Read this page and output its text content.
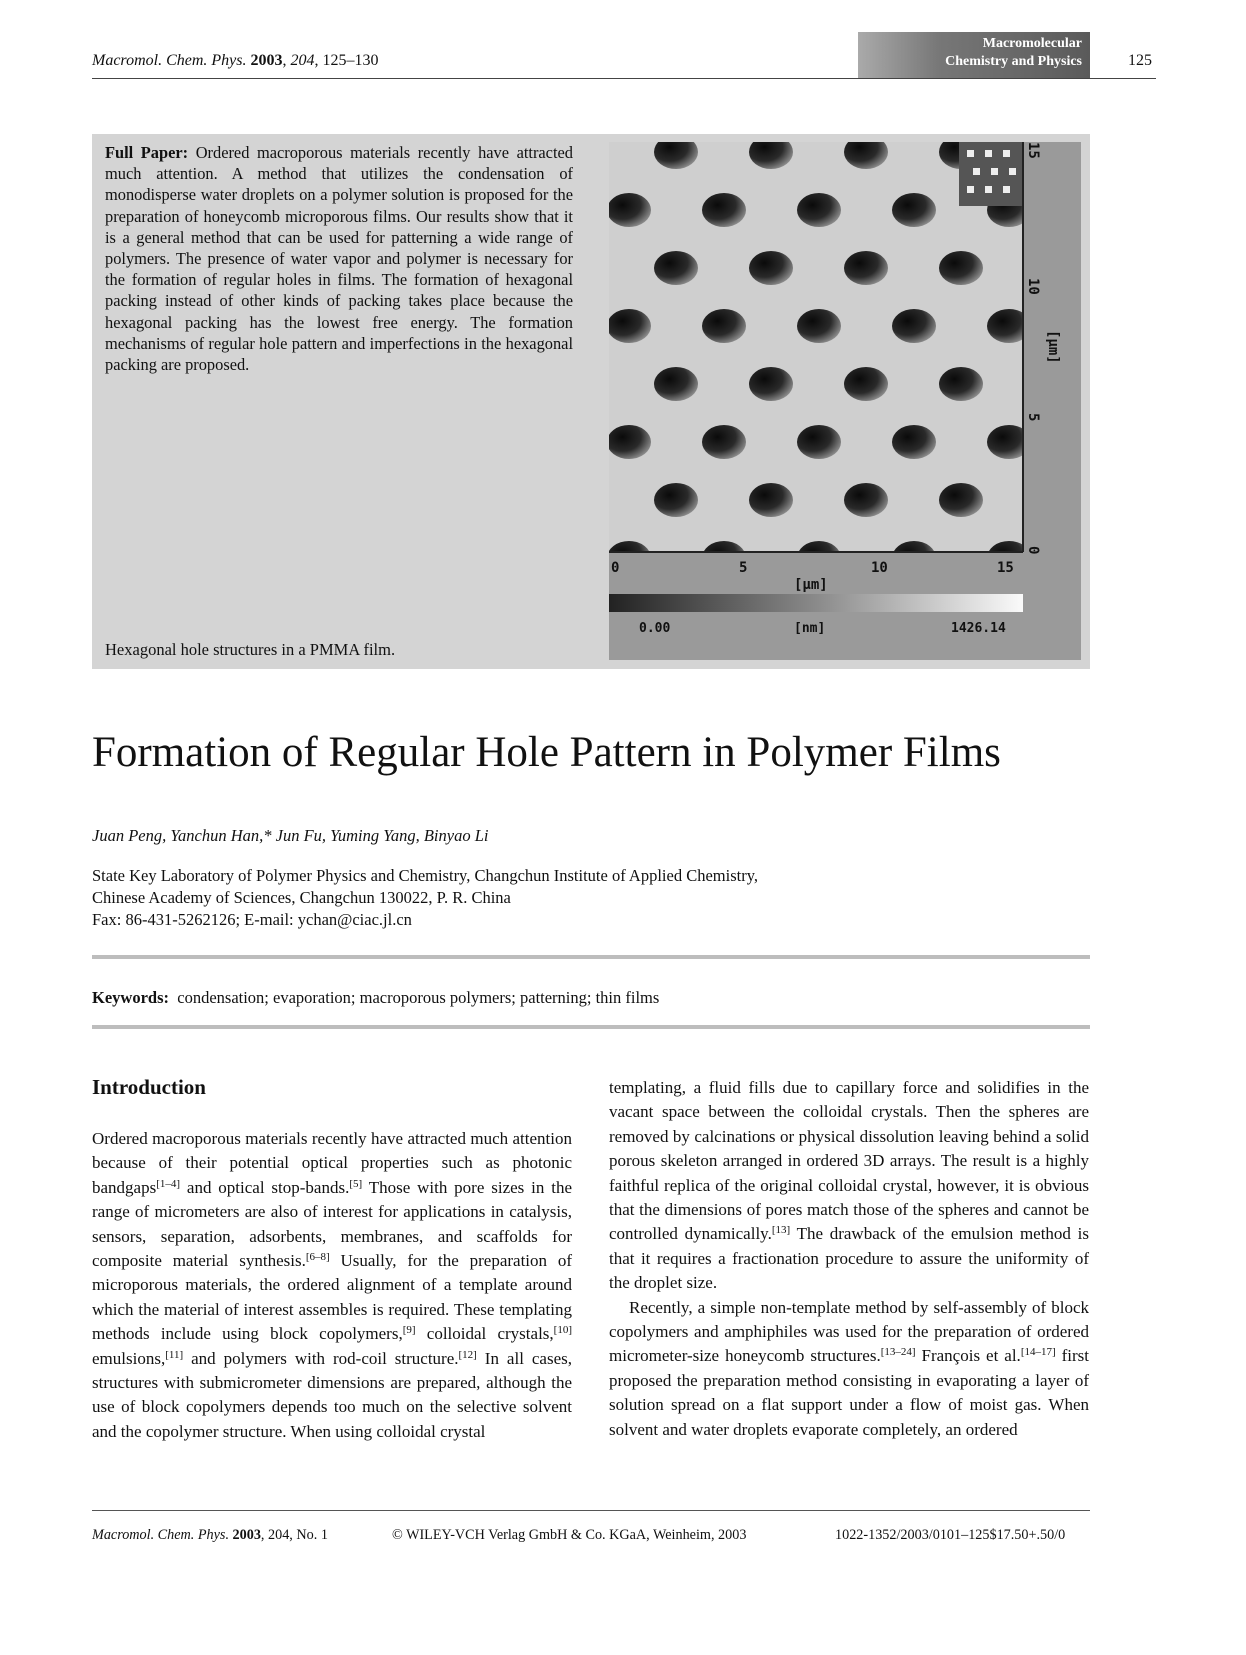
Macromol. Chem. Phys. 2003, 204, 125–130
Macromolecular
Chemistry and Physics	125
Full Paper: Ordered macroporous materials recently have attracted much attention. A method that utilizes the condensation of monodisperse water droplets on a polymer solution is proposed for the preparation of honeycomb microporous films. Our results show that it is a general method that can be used for patterning a wide range of polymers. The presence of water vapor and polymer is necessary for the formation of regular holes in films. The formation of hexagonal packing instead of other kinds of packing takes place because the hexagonal packing has the lowest free energy. The formation mechanisms of regular hole pattern and imperfections in the hexagonal packing are proposed.
Hexagonal hole structures in a PMMA film.
0	5	10	15
[µm]
0
5
10
15
[µm]
0.00	[nm]	1426.14
Formation of Regular Hole Pattern in Polymer Films
Juan Peng, Yanchun Han,* Jun Fu, Yuming Yang, Binyao Li
State Key Laboratory of Polymer Physics and Chemistry, Changchun Institute of Applied Chemistry,
Chinese Academy of Sciences, Changchun 130022, P. R. China
Fax: 86-431-5262126; E-mail: ychan@ciac.jl.cn
Keywords: condensation; evaporation; macroporous polymers; patterning; thin films
Introduction

Ordered macroporous materials recently have attracted much attention because of their potential optical properties such as photonic bandgaps[1–4] and optical stop-bands.[5] Those with pore sizes in the range of micrometers are also of interest for applications in catalysis, sensors, separation, adsorbents, membranes, and scaffolds for composite material synthesis.[6–8] Usually, for the preparation of microporous materials, the ordered alignment of a template around which the material of interest assembles is required. These templating methods include using block copolymers,[9] colloidal crystals,[10] emulsions,[11] and polymers with rod-coil structure.[12] In all cases, structures with submicrometer dimensions are prepared, although the use of block copolymers depends too much on the selective solvent and the copolymer structure. When using colloidal crystal

templating, a fluid fills due to capillary force and solidifies in the vacant space between the colloidal crystals. Then the spheres are removed by calcinations or physical dissolution leaving behind a solid porous skeleton arranged in ordered 3D arrays. The result is a highly faithful replica of the original colloidal crystal, however, it is obvious that the dimensions of pores match those of the spheres and cannot be controlled dynamically.[13] The drawback of the emulsion method is that it requires a fractionation procedure to assure the uniformity of the droplet size.

Recently, a simple non-template method by self-assembly of block copolymers and amphiphiles was used for the preparation of ordered micrometer-size honeycomb structures.[13–24] François et al.[14–17] first proposed the preparation method consisting in evaporating a layer of solution spread on a flat support under a flow of moist gas. When solvent and water droplets evaporate completely, an ordered

Macromol. Chem. Phys. 2003, 204, No. 1	© WILEY-VCH Verlag GmbH & Co. KGaA, Weinheim, 2003	1022-1352/2003/0101–125$17.50+.50/0
